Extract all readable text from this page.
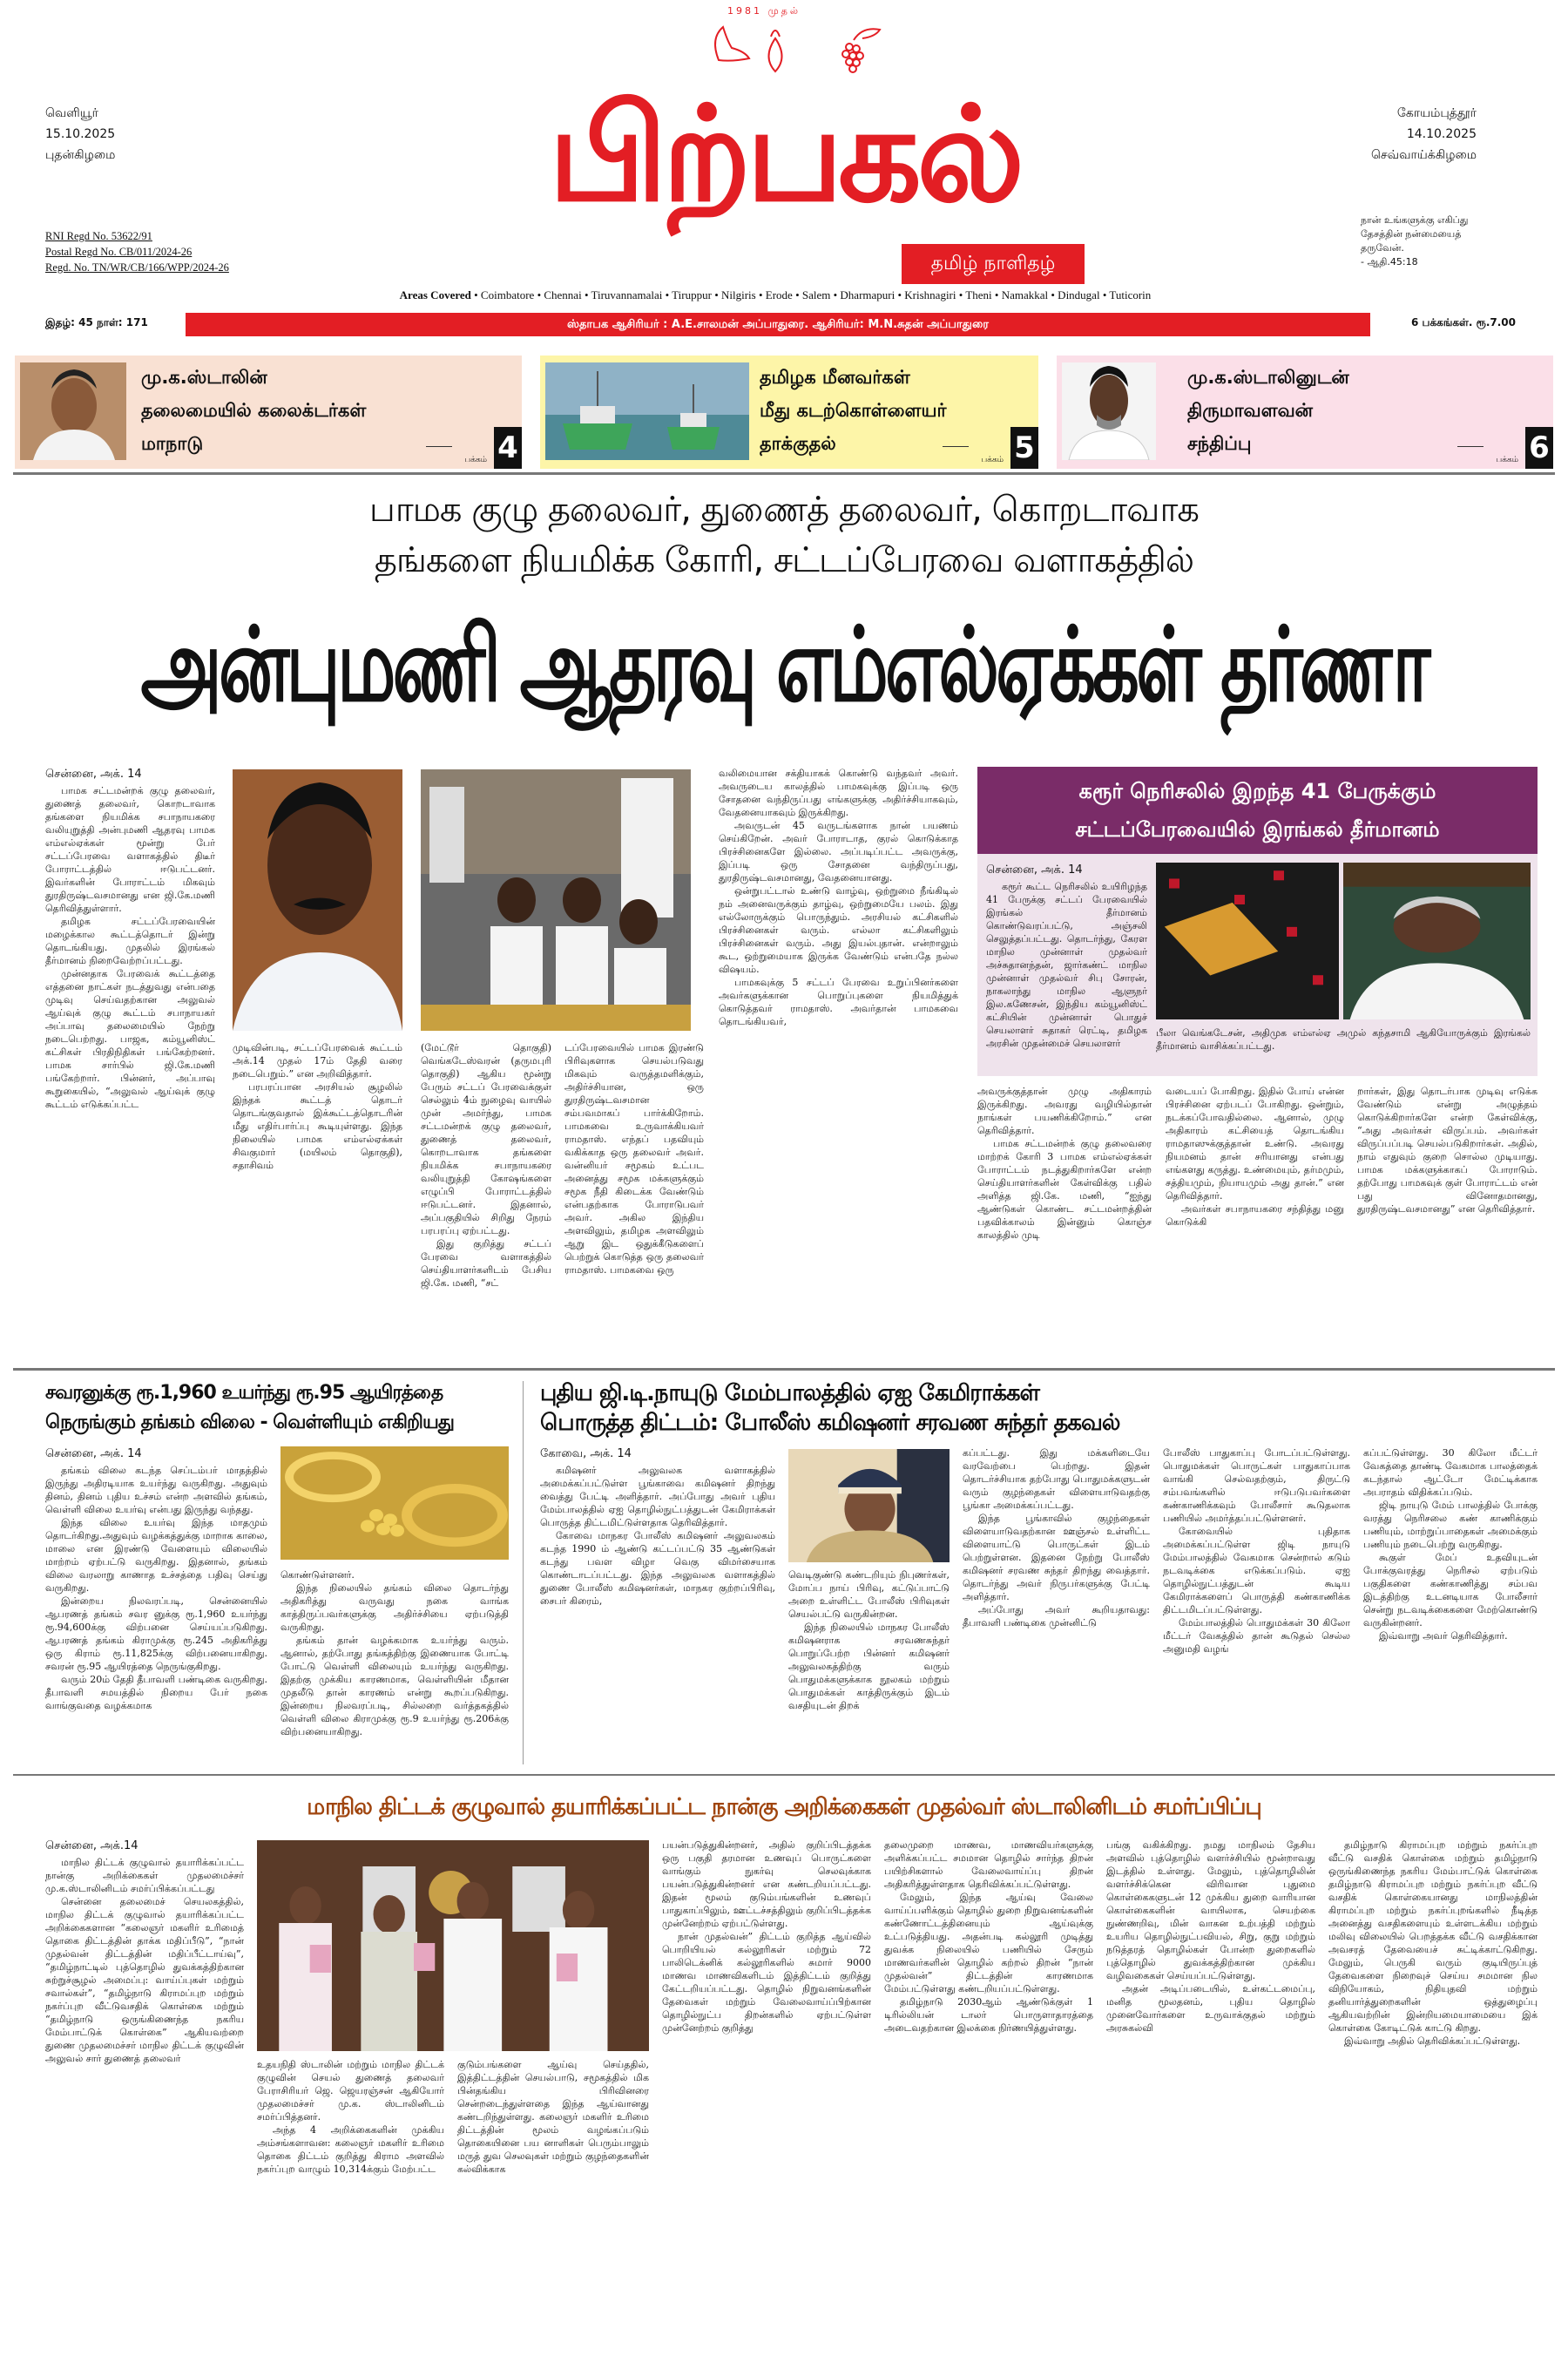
வெளியூர்
15.10.2025
புதன்கிழமை
RNI Regd No. 53622/91
Postal Regd No. CB/011/2024-26
Regd. No. TN/WR/CB/166/WPP/2024-26
1981 முதல்
பிற்பகல்
தமிழ் நாளிதழ்
கோயம்புத்தூர்
14.10.2025
செவ்வாய்க்கிழமை
நான் உங்களுக்கு எகிப்து
தேசத்தின் நன்மையைத்
தருவேன்.
- ஆதி.45:18
Areas Covered • Coimbatore • Chennai • Tiruvannamalai • Tiruppur • Nilgiris • Erode • Salem • Dharmapuri • Krishnagiri • Theni • Namakkal • Dindugal • Tuticorin
இதழ்: 45 நாள்: 171	ஸ்தாபக ஆசிரியர் : A.E.சாலமன் அப்பாதுரை. ஆசிரியர்: M.N.சுதன் அப்பாதுரை	6 பக்கங்கள். ரூ.7.00
மு.க.ஸ்டாலின்
தலைமையில் கலைக்டர்கள்
மாநாடு
பக்கம் 4
தமிழக மீனவர்கள்
மீது கடற்கொள்ளையர்
தாக்குதல்
பக்கம் 5
மு.க.ஸ்டாலினுடன்
திருமாவளவன்
சந்திப்பு
பக்கம் 6
பாமக குழு தலைவர், துணைத் தலைவர், கொறடாவாக
தங்களை நியமிக்க கோரி, சட்டப்பேரவை வளாகத்தில்
அன்புமணி ஆதரவு எம்எல்ஏக்கள் தர்ணா
சென்னை, அக். 14

பாமக சட்டமன்றக் குழு தலைவர், துணைத் தலைவர், கொறடாவாக தங்களை நியமிக்க சபாநாயகரை வலியுறுத்தி அன்புமணி ஆதரவு பாமக எம்எல்ஏக்கள் மூன்று பேர் சட்டப்பேரவை வளாகத்தில் திடீர் போராட்டத்தில் ஈடுபட்டனர். இவர்களின் போராட்டம் மிகவும் துரதிருஷ்டவசமானது என ஜி.கே.மணி தெரிவித்துள்ளார்.

தமிழக சட்டப்பேரவையின் மழைக்கால கூட்டத்தொடர் இன்று தொடங்கியது. முதலில் இரங்கல் தீர்மானம் நிறைவேற்றப்பட்டது.

முன்னதாக பேரவைக் கூட்டத்தை எத்தனை நாட்கள் நடத்துவது என்பதை முடிவு செய்வதற்கான அலுவல் ஆய்வுக் குழு கூட்டம் சபாநாயகர் அப்பாவு தலைமையில் நேற்று நடைபெற்றது. பாஜக, கம்யூனிஸ்ட் கட்சிகள் பிரதிநிதிகள் பங்கேற்றனர். பாமக சார்பில் ஜி.கே.மணி பங்கேற்றார். பின்னர், அப்பாவு கூறுகையில், “அலுவல் ஆய்வுக் குழு கூட்டம் எடுக்கப்பட்ட

முடிவின்படி, சட்டப்பேரவைக் கூட்டம் அக்.14 முதல் 17ம் தேதி வரை நடைபெறும்.” என அறிவித்தார்.

பரபரப்பான அரசியல் சூழலில் இந்தக் கூட்டத் தொடர் தொடங்குவதால் இக்கூட்டத்தொடரின் மீது எதிர்பார்ப்பு கூடியுள்ளது. இந்த நிலையில் பாமக எம்எல்ஏக்கள் சிவகுமார் (மயிலம் தொகுதி), சதாசிவம்

(மேட்டூர் தொகுதி) வெங்கடேஸ்வரன் (தருமபுரி தொகுதி) ஆகிய மூன்று பேரும் சட்டப் பேரவைக்குள் செல்லும் 4ம் நுழைவு வாயில் முன் அமர்ந்து, பாமக சட்டமன்றக் குழு தலைவர், துணைத் தலைவர், கொறடாவாக தங்களை நியமிக்க சபாநாயகரை வலியுறுத்தி கோஷங்களை எழுப்பி போராட்டத்தில் ஈடுபட்டனர். இதனால், அப்பகுதியில் சிறிது நேரம் பரபரப்பு ஏற்பட்டது.

இது குறித்து சட்டப் பேரவை வளாகத்தில் செய்தியாளர்களிடம் பேசிய ஜி.கே. மணி, “சட்

டப்பேரவையில் பாமக இரண்டு பிரிவுகளாக செயல்படுவது மிகவும் வருத்தமளிக்கும், அதிர்ச்சியான, ஒரு துரதிருஷ்டவசமான சம்பவமாகப் பார்க்கிறோம். பாமகவை உருவாக்கியவர் ராமதாஸ். எந்தப் பதவியும் வகிக்காத ஒரு தலைவர் அவர். வன்னியர் சமூகம் உட்பட அனைத்து சமூக மக்களுக்கும் சமூக நீதி கிடைக்க வேண்டும் என்பதற்காக போராடுபவர் அவர். அகில இந்திய அளவிலும், தமிழக அளவிலும் ஆறு இட ஒதுக்கீடுகளைப் பெற்றுக் கொடுத்த ஒரு தலைவர் ராமதாஸ். பாமகவை ஒரு

வலிமையான சக்தியாகக் கொண்டு வந்தவர் அவர். அவருடைய காலத்தில் பாமகவுக்கு இப்படி ஒரு சோதனை வந்திருப்பது எங்களுக்கு அதிர்ச்சியாகவும், வேதனையாகவும் இருக்கிறது.

அவருடன் 45 வருடங்களாக நான் பயணம் செய்கிறேன். அவர் போராடாத, குரல் கொடுக்காத பிரச்சினைகளே இல்லை. அப்படிப்பட்ட அவருக்கு, இப்படி ஒரு சோதனை வந்திருப்பது, துரதிருஷ்டவசமானது, வேதனையானது.

ஒன்றுபட்டால் உண்டு வாழ்வு, ஒற்றுமை நீங்கிடில் நம் அனைவருக்கும் தாழ்வு, ஒற்றுமையே பலம். இது எல்லோருக்கும் பொருந்தும். அரசியல் கட்சிகளில் பிரச்சினைகள் வரும். எல்லா கட்சிகளிலும் பிரச்சினைகள் வரும். அது இயல்புதான். என்றாலும் கூட, ஒற்றுமையாக இருக்க வேண்டும் என்பதே நல்ல விஷயம்.

பாமகவுக்கு 5 சட்டப் பேரவை உறுப்பினர்களை அவர்களுக்கான பொறுப்புகளை நியமித்துக் கொடுத்தவர் ராமதாஸ். அவர்தான் பாமகவை தொடங்கியவர்,

கரூர் நெரிசலில் இறந்த 41 பேருக்கும்
சட்டப்பேரவையில் இரங்கல் தீர்மானம்
சென்னை, அக். 14

கரூர் கூட்ட நெரிசலில் உயிரிழந்த 41 பேருக்கு சட்டப் பேரவையில் இரங்கல் தீர்மானம் கொண்டுவரப்பட்டு, அஞ்சலி செலுத்தப்பட்டது. தொடர்ந்து, கேரள மாநில முன்னாள் முதல்வர் அச்சுதானந்தன், ஜார்கண்ட் மாநில முன்னாள் முதல்வர் சிபு சோரன், நாகலாந்து மாநில ஆளுநர் இல.கணேசன், இந்திய கம்யூனிஸ்ட் கட்சியின் முன்னாள் பொதுச் செயலாளர் சுதாகர் ரெட்டி, தமிழக அரசின் முதன்மைச் செயலாளர்

பீலா வெங்கடேசன், அதிமுக எம்எல்ஏ அமுல் கந்தசாமி ஆகியோருக்கும் இரங்கல் தீர்மானம் வாசிக்கப்பட்டது.

அவருக்குத்தான் முழு அதிகாரம் இருக்கிறது. அவரது வழியில்தான் நாங்கள் பயணிக்கிறோம்.” என தெரிவித்தார்.

பாமக சட்டமன்றக் குழு தலைவரை மாற்றக் கோரி 3 பாமக எம்எல்ஏக்கள் போராட்டம் நடத்துகிறார்களே என்ற செய்தியாளர்களின் கேள்விக்கு பதில் அளித்த ஜி.கே. மணி, “ஐந்து ஆண்டுகள் கொண்ட சட்டமன்றத்தின் பதவிக்காலம் இன்னும் கொஞ்ச காலத்தில் முடி

வடையப் போகிறது. இதில் போய் என்ன பிரச்சினை ஏற்படப் போகிறது. ஒன்றும், நடக்கப்போவதில்லை. ஆனால், முழு அதிகாரம் கட்சியைத் தொடங்கிய ராமதாஸுக்குத்தான் உண்டு. அவரது நியமனம் தான் சரியானது என்பது எங்களது கருத்து. உண்மையும், தர்மமும், சத்தியமும், நியாயமும் அது தான்.” என தெரிவித்தார்.

அவர்கள் சபாநாயகரை சந்தித்து மனு கொடுக்கி

றார்கள், இது தொடர்பாக முடிவு எடுக்க வேண்டும் என்று அழுத்தம் கொடுக்கிறார்களே என்ற கேள்விக்கு, “அது அவர்கள் விருப்பம். அவர்கள் விருப்பப்படி செயல்படுகிறார்கள். அதில், நாம் எதுவும் குறை சொல்ல முடியாது. பாமக மக்களுக்காகப் போராடும். தற்போது பாமகவுக் குள் போராட்டம் என் பது வினோதமானது, துரதிருஷ்டவசமானது” என தெரிவித்தார்.

சவரனுக்கு ரூ.1,960 உயர்ந்து ரூ.95 ஆயிரத்தை
நெருங்கும் தங்கம் விலை - வெள்ளியும் எகிறியது
சென்னை, அக். 14

தங்கம் விலை கடந்த செப்டம்பர் மாதத்தில் இருந்து அதிரடியாக உயர்ந்து வருகிறது. அதுவும் தினம், தினம் புதிய உச்சம் என்ற அளவில் தங்கம், வெள்ளி விலை உயர்வு என்பது இருந்து வந்தது.

இந்த விலை உயர்வு இந்த மாதமும் தொடர்கிறது.அதுவும் வழக்கத்துக்கு மாறாக காலை, மாலை என இரண்டு வேளையும் விலையில் மாற்றம் ஏற்பட்டு வருகிறது. இதனால், தங்கம் விலை வரலாறு காணாத உச்சத்தை பதிவு செய்து வருகிறது.

இன்றைய நிலவரப்படி, சென்னையில் ஆபரணத் தங்கம் சவர னுக்கு ரூ.1,960 உயர்ந்து ரூ.94,600க்கு விற்பனை செய்யப்படுகிறது. ஆபரணத் தங்கம் கிராமுக்கு ரூ.245 அதிகரித்து ஒரு கிராம் ரூ.11,825க்கு விற்பனையாகிறது. சவரன் ரூ.95 ஆயிரத்தை நெருங்குகிறது.

வரும் 20ம் தேதி தீபாவளி பண்டிகை வருகிறது. தீபாவளி சமயத்தில் நிறைய பேர் நகை வாங்குவதை வழக்கமாக

கொண்டுள்ளனர்.

இந்த நிலையில் தங்கம் விலை தொடர்ந்து அதிகரித்து வருவது நகை வாங்க காத்திருப்பவர்களுக்கு அதிர்ச்சியை ஏற்படுத்தி வருகிறது.

தங்கம் தான் வழக்கமாக உயர்ந்து வரும். ஆனால், தற்போது தங்கத்திற்கு இணையாக போட்டி போட்டு வெள்ளி விலையும் உயர்ந்து வருகிறது. இதற்கு முக்கிய காரணமாக, வெள்ளியின் மீதான முதலீடு தான் காரணம் என்று கூறப்படுகிறது. இன்றைய நிலவரப்படி, சில்லறை வர்த்தகத்தில் வெள்ளி விலை கிராமுக்கு ரூ.9 உயர்ந்து ரூ.206க்கு விற்பனையாகிறது.

புதிய ஜி.டி.நாயுடு மேம்பாலத்தில் ஏஐ கேமிராக்கள்
பொருத்த திட்டம்: போலீஸ் கமிஷனர் சரவண சுந்தர் தகவல்
கோவை, அக். 14

கமிஷனர் அலுவலக வளாகத்தில் அமைக்கப்பட்டுள்ள பூங்காவை கமிஷனர் திறந்து வைத்து பேட்டி அளித்தார். அப்போது அவர் புதிய மேம்பாலத்தில் ஏஐ தொழில்நுட்பத்துடன் கேமிராக்கள் பொருத்த திட்டமிட்டுள்ளதாக தெரிவித்தார்.

கோவை மாநகர போலீஸ் கமிஷனர் அலுவலகம் கடந்த 1990 ம் ஆண்டு கட்டப்பட்டு 35 ஆண்டுகள் கடந்து பவள விழா வெகு விமர்சையாக கொண்டாடப்பட்டது. இந்த அலுவலக வளாகத்தில் துணை போலீஸ் கமிஷனர்கள், மாநகர குற்றப்பிரிவு, சைபர் கிரைம்,

வெடிகுண்டு கண்டறியும் நிபுணர்கள், மோப்ப நாய் பிரிவு, கட்டுப்பாட்டு அறை உள்ளிட்ட போலீஸ் பிரிவுகள் செயல்பட்டு வருகின்றன.

இந்த நிலையில் மாநகர போலீஸ் கமிஷனராக சரவணசுந்தர் பொறுப்பேற்ற பின்னர் கமிஷனர் அலுவலகத்திற்கு வரும் பொதுமக்களுக்காக நூலகம் மற்றும் பொதுமக்கள் காத்திருக்கும் இடம் வசதியுடன் திறக்

கப்பட்டது. இது மக்களிடையே வரவேற்பை பெற்றது. இதன் தொடர்ச்சியாக தற்போது பொதுமக்களுடன் வரும் குழந்தைகள் விளையாடுவதற்கு பூங்கா அமைக்கப்பட்டது.

இந்த பூங்காவில் குழந்தைகள் விளையாடுவதற்கான ஊஞ்சல் உள்ளிட்ட விளையாட்டு பொருட்கள் இடம் பெற்றுள்ளன. இதனை நேற்று போலீஸ் கமிஷனர் சரவண சுந்தர் திறந்து வைத்தார். தொடர்ந்து அவர் நிருபர்களுக்கு பேட்டி அளித்தார்.

அப்போது அவர் கூறியதாவது: தீபாவளி பண்டிகை முன்னிட்டு

போலீஸ் பாதுகாப்பு போடப்பட்டுள்ளது. பொதுமக்கள் பொருட்கள் பாதுகாப்பாக வாங்கி செல்வதற்கும், திருட்டு சம்பவங்களில் ஈடுபடுபவர்களை கண்காணிக்கவும் போலீசார் கூடுதலாக பணியில் அமர்த்தப்பட்டுள்ளனர்.

கோவையில் புதிதாக அமைக்கப்பட்டுள்ள ஜிடி நாயுடு மேம்பாலத்தில் வேகமாக சென்றால் கடும் நடவடிக்கை எடுக்கப்படும். ஏஐ தொழில்நுட்பத்துடன் கூடிய கேமிராக்களைப் பொருத்தி கண்காணிக்க திட்டமிடப்பட்டுள்ளது.

மேம்பாலத்தில் பொதுமக்கள் 30 கிலோ மீட்டர் வேகத்தில் தான் கூடுதல் செல்ல அனுமதி வழங்

கப்பட்டுள்ளது. 30 கிலோ மீட்டர் வேகத்தை தாண்டி வேகமாக பாலத்தைக் கடந்தால் ஆட்டோ மேட்டிக்காக அபராதம் விதிக்கப்படும்.

ஜிடி நாயுடு மேம் பாலத்தில் போக்கு வரத்து நெரிசலை கண் காணிக்கும் பணியும், மாற்றுப்பாதைகள் அமைக்கும் பணியும் நடைபெற்று வருகிறது.

கூகுள் மேப் உதவியுடன் போக்குவரத்து நெரிசல் ஏற்படும் பகுதிகளை கண்காணித்து சம்பவ இடத்திற்கு உடனடியாக போலீசார் சென்று நடவடிக்கைகளை மேற்கொண்டு வருகின்றனர்.

இவ்வாறு அவர் தெரிவித்தார்.

மாநில திட்டக் குழுவால் தயாரிக்கப்பட்ட நான்கு அறிக்கைகள் முதல்வர் ஸ்டாலினிடம் சமர்ப்பிப்பு
சென்னை, அக்.14

மாநில திட்டக் குழுவால் தயாரிக்கப்பட்ட நான்கு அறிக்கைகள் முதலமைச்சர் மு.க.ஸ்டாலினிடம் சமர்ப்பிக்கப்பட்டது

சென்னை தலைமைச் செயலகத்தில், மாநில திட்டக் குழுவால் தயாரிக்கப்பட்ட அறிக்கைகளான “கலைஞர் மகளிர் உரிமைத் தொகை திட்டத்தின் தாக்க மதிப்பீடு”, “நான் முதல்வன் திட்டத்தின் மதிப்பீட்டாய்வு”, “தமிழ்நாட்டில் புத்தொழில் துவக்கத்திற்கான சுற்றுச்சூழல் அமைப்பு: வாய்ப்புகள் மற்றும் சவால்கள்”, “தமிழ்நாடு கிராமப்புற மற்றும் நகர்ப்புற வீட்டுவசதிக் கொள்கை மற்றும் “தமிழ்நாடு ஒருங்கிணைந்த நகரிய மேம்பாட்டுக் கொள்கை” ஆகியவற்றை துணை முதலமைச்சர் மாநில திட்டக் குழுவின் அலுவல் சார் துணைத் தலைவர்

உதயநிதி ஸ்டாலின் மற்றும் மாநில திட்டக் குழுவின் செயல் துணைத் தலைவர் பேராசிரியர் ஜெ. ஜெயரஞ்சன் ஆகியோர் முதலமைச்சர் மு.க. ஸ்டாலினிடம் சமர்ப்பித்தனர்.

அந்த 4 அறிக்கைகளின் முக்கிய அம்சங்களாவன: கலைஞர் மகளிர் உரிமை தொகை திட்டம் குறித்து கிராம அளவில் நகர்ப்புற வாழும் 10,314க்கும் மேற்பட்ட

குடும்பங்களை ஆய்வு செய்ததில், இத்திட்டத்தின் செயல்பாடு, சமூகத்தில் மிக பின்தங்கிய பிரிவினரை சென்றடைந்துள்ளதை இந்த ஆய்வானது கண்டறிந்துள்ளது. கலைஞர் மகளிர் உரிமை திட்டத்தின் மூலம் வழங்கப்படும் தொகையினை பய னாளிகள் பெரும்பாலும் மருத் துவ செலவுகள் மற்றும் குழந்தைகளின் கல்விக்காக

பயன்படுத்துகின்றனர், அதில் குறிப்பிடத்தக்க ஒரு பகுதி தரமான உணவுப் பொருட்களை வாங்கும் நுகர்வு செலவுக்காக பயன்படுத்துகின்றனர் என கண்டறியப்பட்டது. இதன் மூலம் குடும்பங்களின் உணவுப் பாதுகாப்பிலும், ஊட்டச்சத்திலும் குறிப்பிடத்தக்க முன்னேற்றம் ஏற்பட்டுள்ளது.

நான் முதல்வன்” திட்டம் குறித்த ஆய்வில் பொறியியல் கல்லூரிகள் மற்றும் 72 பாலிடெக்னிக் கல்லூரிகளில் சுமார் 9000 மாணவ மாணவிகளிடம் இத்திட்டம் குறித்து கேட்டறியப்பட்டது. தொழில் நிறுவனங்களின் தேவைகள் மற்றும் வேலைவாய்ப்பிற்கான தொழில்நுட்ப திறன்களில் ஏற்பட்டுள்ள முன்னேற்றம் குறித்து

தலைமுறை மாணவ, மாணவியர்களுக்கு அளிக்கப்பட்ட சமமான தொழில் சார்ந்த திறன் பயிற்சிகளால் வேலைவாய்ப்பு திறன் அதிகரித்துள்ளதாக தெரிவிக்கப்பட்டுள்ளது.

மேலும், இந்த ஆய்வு வேலை வாய்ப்பளிக்கும் தொழில் துறை நிறுவனங்களின் கண்ணோட்டத்தினையும் ஆய்வுக்கு உட்படுத்தியது. அதன்படி கல்லூரி முடித்து துவக்க நிலையில் பணியில் சேரும் மாணவர்களின் தொழில் கற்றல் திறன் “நான் முதல்வன்” திட்டத்தின் காரணமாக மேம்பட்டுள்ளது கண்டறியப்பட்டுள்ளது.

தமிழ்நாடு 2030ஆம் ஆண்டுக்குள் 1 டிரில்லியன் டாலர் பொருளாதாரத்தை அடைவதற்கான இலக்கை நிர்ணயித்துள்ளது.

பங்கு வகிக்கிறது. நமது மாநிலம் தேசிய அளவில் புத்தொழில் வளர்ச்சியில் மூன்றாவது இடத்தில் உள்ளது. மேலும், புத்தொழிலின் வளர்ச்சிக்கென விரிவான புதுமை கொள்கைகளுடன் 12 முக்கிய துறை வாரியான கொள்கைகளின் வாயிலாக, செயற்கை நுண்ணறிவு, மின் வாகன உற்பத்தி மற்றும் உயரிய தொழில்நுட்பவியல், சிறு, குறு மற்றும் நடுத்தரத் தொழில்கள் போன்ற துறைகளில் புத்தொழில் துவக்கத்திற்கான முக்கிய வழிவகைகள் செய்யப்பட்டுள்ளது.

அதன் அடிப்படையில், உள்கட்டமைப்பு, மனித மூலதனம், புதிய தொழில் முனைவோர்களை உருவாக்குதல் மற்றும் அரசுகல்வி

தமிழ்நாடு கிராமப்புற மற்றும் நகர்ப்புற வீட்டு வசதிக் கொள்கை மற்றும் தமிழ்நாடு ஒருங்கிணைந்த நகரிய மேம்பாட்டுக் கொள்கை தமிழ்நாடு கிராமப்புற மற்றும் நகர்ப்புற வீட்டு வசதிக் கொள்கையானது மாநிலத்தின் கிராமப்புற மற்றும் நகர்ப்புறங்களில் நீடித்த அனைத்து வசதிகளையும் உள்ளடக்கிய மற்றும் மலிவு விலையில் பெறத்தக்க வீட்டு வசதிக்கான அவசரத் தேவையைச் சுட்டிக்காட்டுகிறது. மேலும், பெருகி வரும் குடியிருப்புத் தேவைகளை நிறைவுச் செய்ய சமமான நில விநியோகம், நிதியுதவி மற்றும் தனியார்த்துறைகளின் ஒத்துழைப்பு ஆகியவற்றின் இன்றியமையாமையை இக் கொள்கை கோடிட்டுக் காட்டு கிறது.

இவ்வாறு அதில் தெரிவிக்கப்பட்டுள்ளது.
